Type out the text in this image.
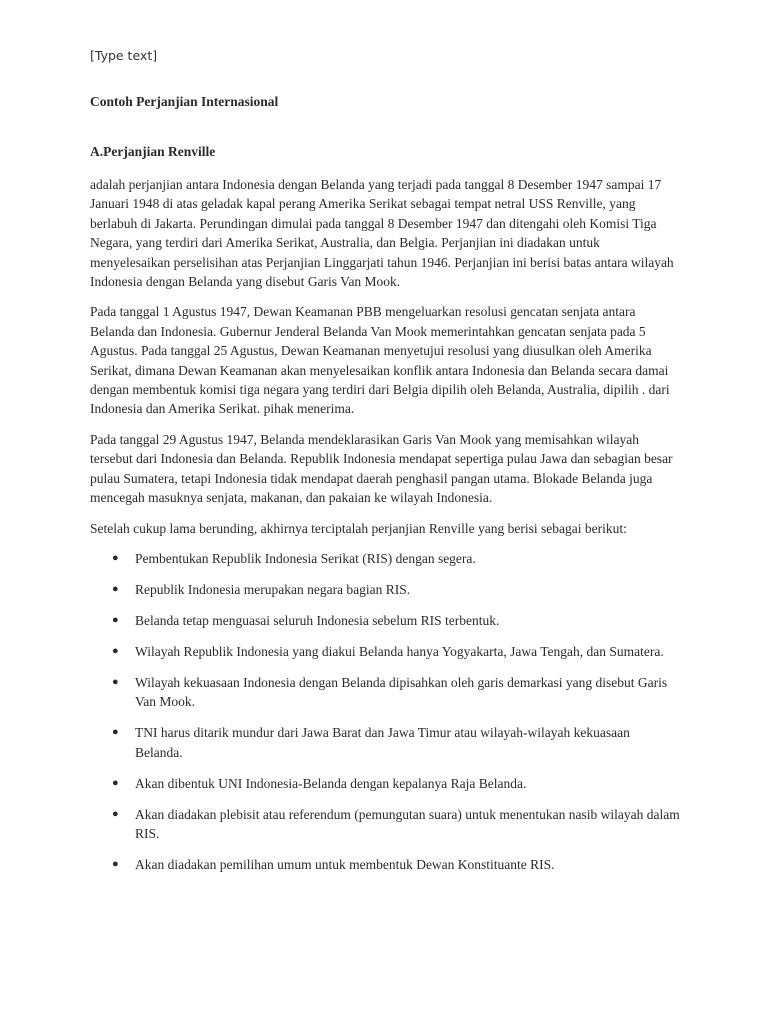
[Type text]
Contoh Perjanjian Internasional
A.Perjanjian Renville

adalah perjanjian antara Indonesia dengan Belanda yang terjadi pada tanggal 8 Desember 1947 sampai 17 Januari 1948 di atas geladak kapal perang Amerika Serikat sebagai tempat netral USS Renville, yang berlabuh di Jakarta. Perundingan dimulai pada tanggal 8 Desember 1947 dan ditengahi oleh Komisi Tiga Negara, yang terdiri dari Amerika Serikat, Australia, dan Belgia. Perjanjian ini diadakan untuk menyelesaikan perselisihan atas Perjanjian Linggarjati tahun 1946. Perjanjian ini berisi batas antara wilayah Indonesia dengan Belanda yang disebut Garis Van Mook.

Pada tanggal 1 Agustus 1947, Dewan Keamanan PBB mengeluarkan resolusi gencatan senjata antara Belanda dan Indonesia. Gubernur Jenderal Belanda Van Mook memerintahkan gencatan senjata pada 5 Agustus. Pada tanggal 25 Agustus, Dewan Keamanan menyetujui resolusi yang diusulkan oleh Amerika Serikat, dimana Dewan Keamanan akan menyelesaikan konflik antara Indonesia dan Belanda secara damai dengan membentuk komisi tiga negara yang terdiri dari Belgia dipilih oleh Belanda, Australia, dipilih . dari Indonesia dan Amerika Serikat. pihak menerima.

Pada tanggal 29 Agustus 1947, Belanda mendeklarasikan Garis Van Mook yang memisahkan wilayah tersebut dari Indonesia dan Belanda. Republik Indonesia mendapat sepertiga pulau Jawa dan sebagian besar pulau Sumatera, tetapi Indonesia tidak mendapat daerah penghasil pangan utama. Blokade Belanda juga mencegah masuknya senjata, makanan, dan pakaian ke wilayah Indonesia.

Setelah cukup lama berunding, akhirnya terciptalah perjanjian Renville yang berisi sebagai berikut:

● Pembentukan Republik Indonesia Serikat (RIS) dengan segera.
● Republik Indonesia merupakan negara bagian RIS.
● Belanda tetap menguasai seluruh Indonesia sebelum RIS terbentuk.
● Wilayah Republik Indonesia yang diakui Belanda hanya Yogyakarta, Jawa Tengah, dan Sumatera.
● Wilayah kekuasaan Indonesia dengan Belanda dipisahkan oleh garis demarkasi yang disebut Garis Van Mook.
● TNI harus ditarik mundur dari Jawa Barat dan Jawa Timur atau wilayah-wilayah kekuasaan Belanda.
● Akan dibentuk UNI Indonesia-Belanda dengan kepalanya Raja Belanda.
● Akan diadakan plebisit atau referendum (pemungutan suara) untuk menentukan nasib wilayah dalam RIS.
● Akan diadakan pemilihan umum untuk membentuk Dewan Konstituante RIS.
